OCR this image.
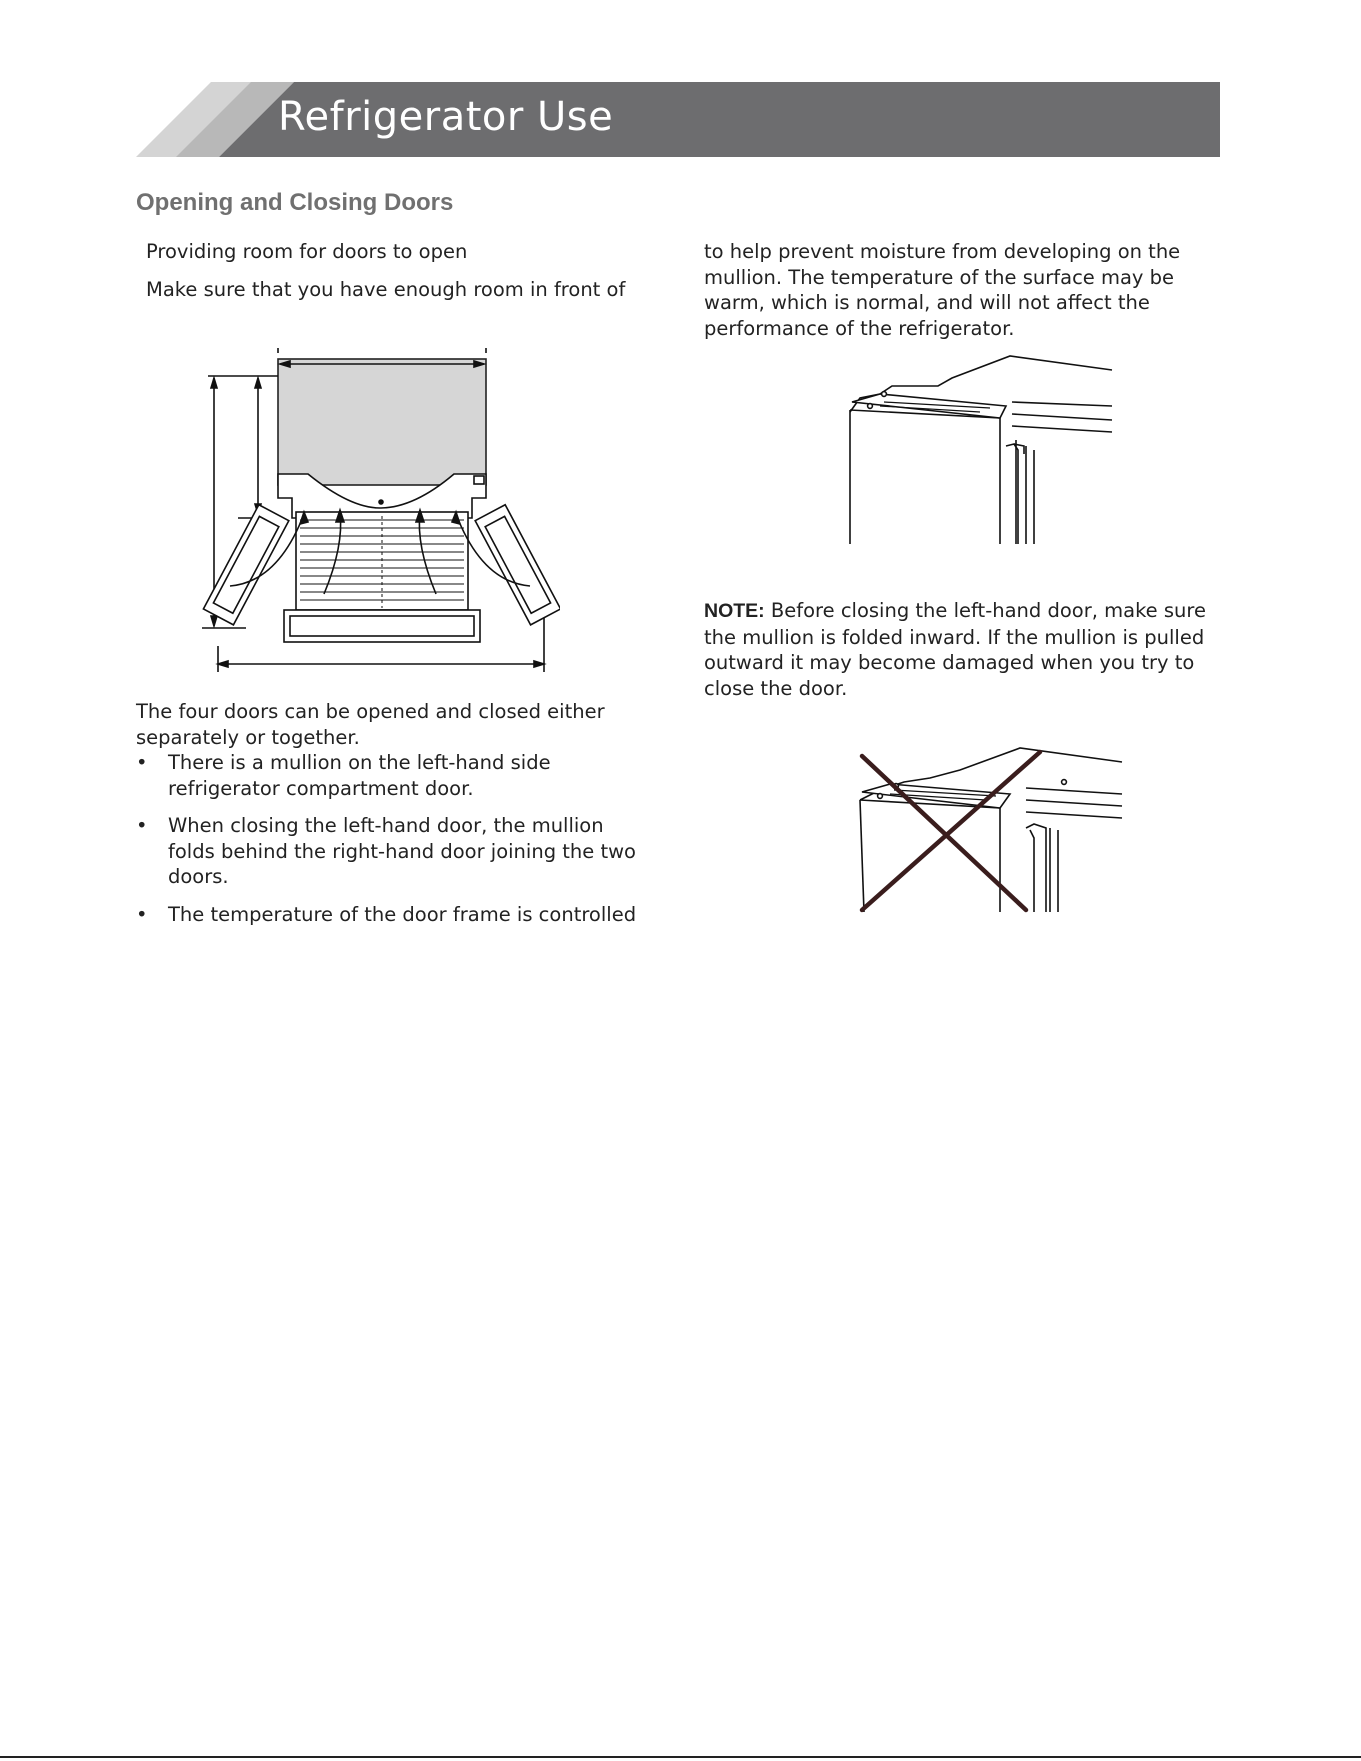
Refrigerator Use
Opening and Closing Doors

Providing room for doors to open

Make sure that you have enough room in front of

The four doors can be opened and closed either
separately or together.

• There is a mullion on the left-hand side
refrigerator compartment door.
• When closing the left-hand door, the mullion
folds behind the right-hand door joining the two
doors.
• The temperature of the door frame is controlled

to help prevent moisture from developing on the
mullion. The temperature of the surface may be
warm, which is normal, and will not affect the
performance of the refrigerator.

NOTE: Before closing the left-hand door, make sure
the mullion is folded inward. If the mullion is pulled
outward it may become damaged when you try to
close the door.
